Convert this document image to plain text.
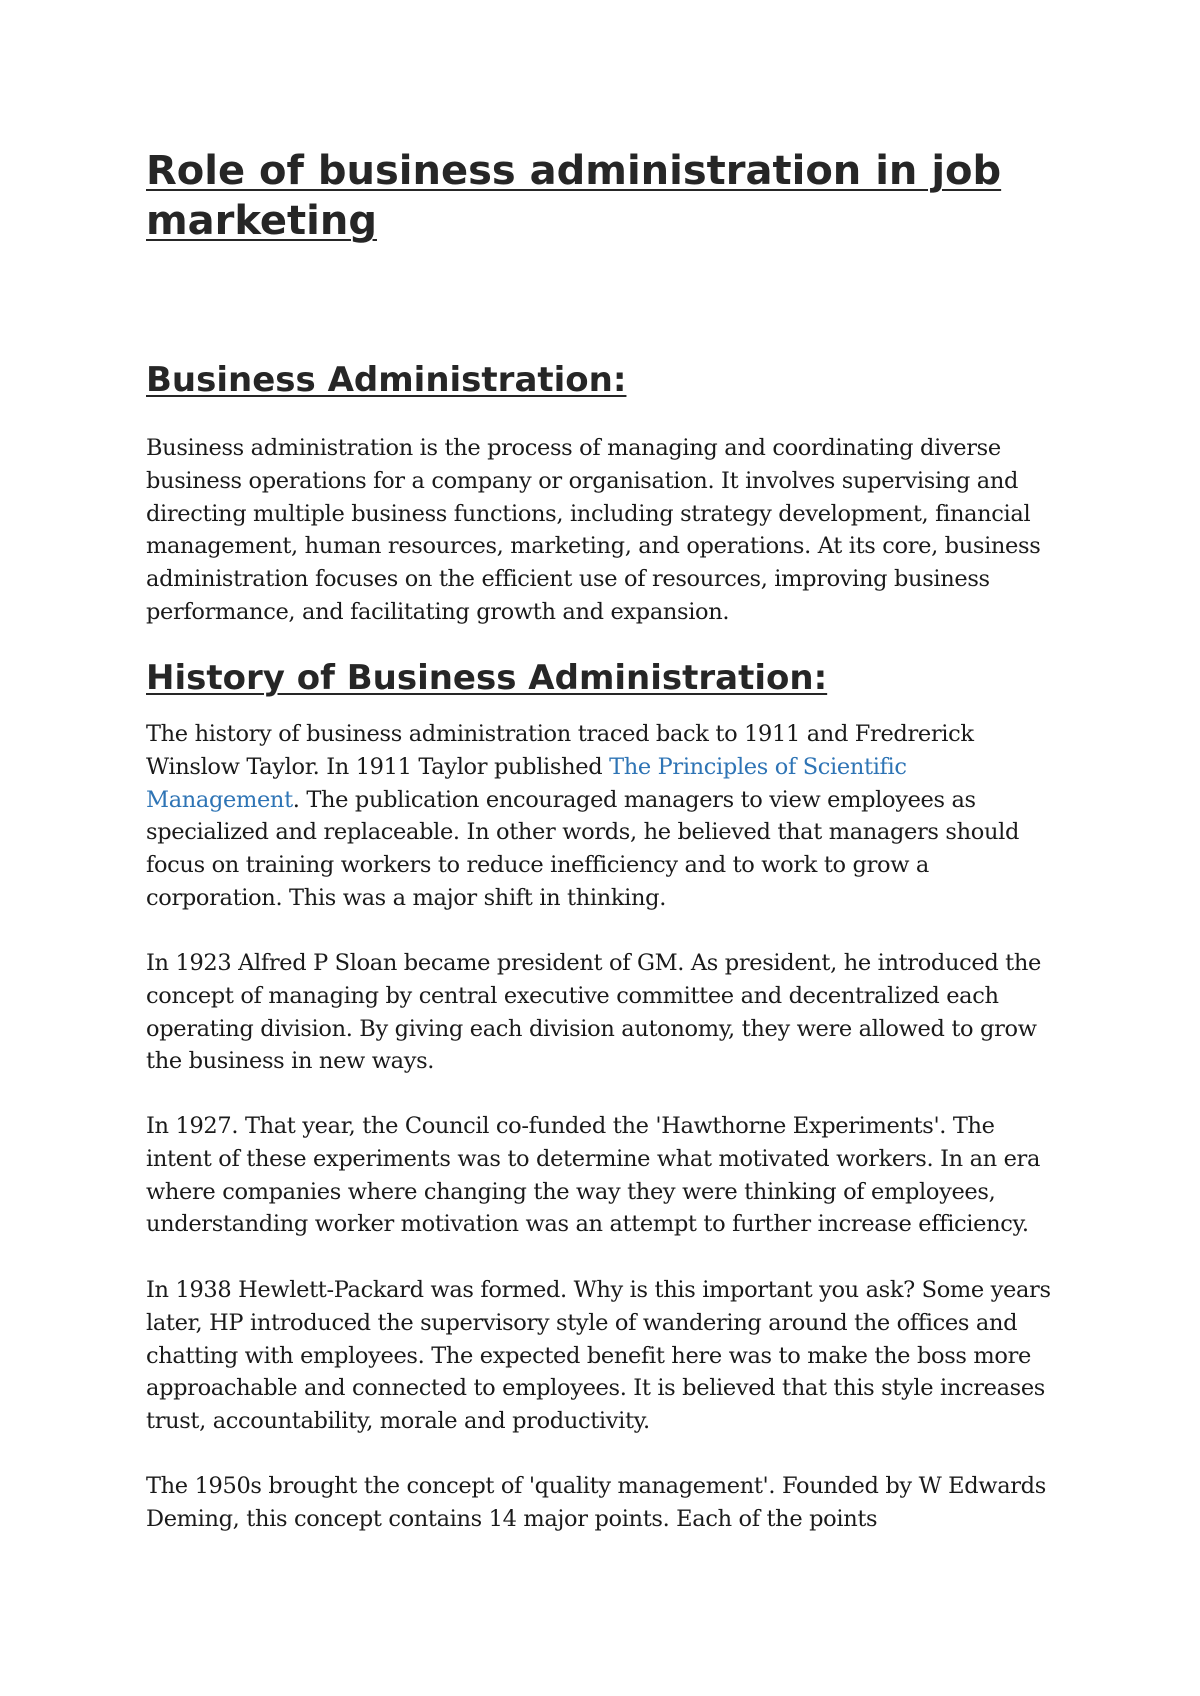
Role of business administration in job marketing
Business Administration:

Business administration is the process of managing and coordinating diverse business operations for a company or organisation. It involves supervising and directing multiple business functions, including strategy development, financial management, human resources, marketing, and operations. At its core, business administration focuses on the efficient use of resources, improving business performance, and facilitating growth and expansion.

History of Business Administration:

The history of business administration traced back to 1911 and Fredrerick Winslow Taylor. In 1911 Taylor published The Principles of Scientific Management. The publication encouraged managers to view employees as specialized and replaceable. In other words, he believed that managers should focus on training workers to reduce inefficiency and to work to grow a corporation. This was a major shift in thinking.

In 1923 Alfred P Sloan became president of GM. As president, he introduced the concept of managing by central executive committee and decentralized each operating division. By giving each division autonomy, they were allowed to grow the business in new ways.

In 1927. That year, the Council co-funded the 'Hawthorne Experiments'. The intent of these experiments was to determine what motivated workers. In an era where companies where changing the way they were thinking of employees, understanding worker motivation was an attempt to further increase efficiency.

In 1938 Hewlett-Packard was formed. Why is this important you ask? Some years later, HP introduced the supervisory style of wandering around the offices and chatting with employees. The expected benefit here was to make the boss more approachable and connected to employees. It is believed that this style increases trust, accountability, morale and productivity.

The 1950s brought the concept of 'quality management'. Founded by W Edwards Deming, this concept contains 14 major points. Each of the points
